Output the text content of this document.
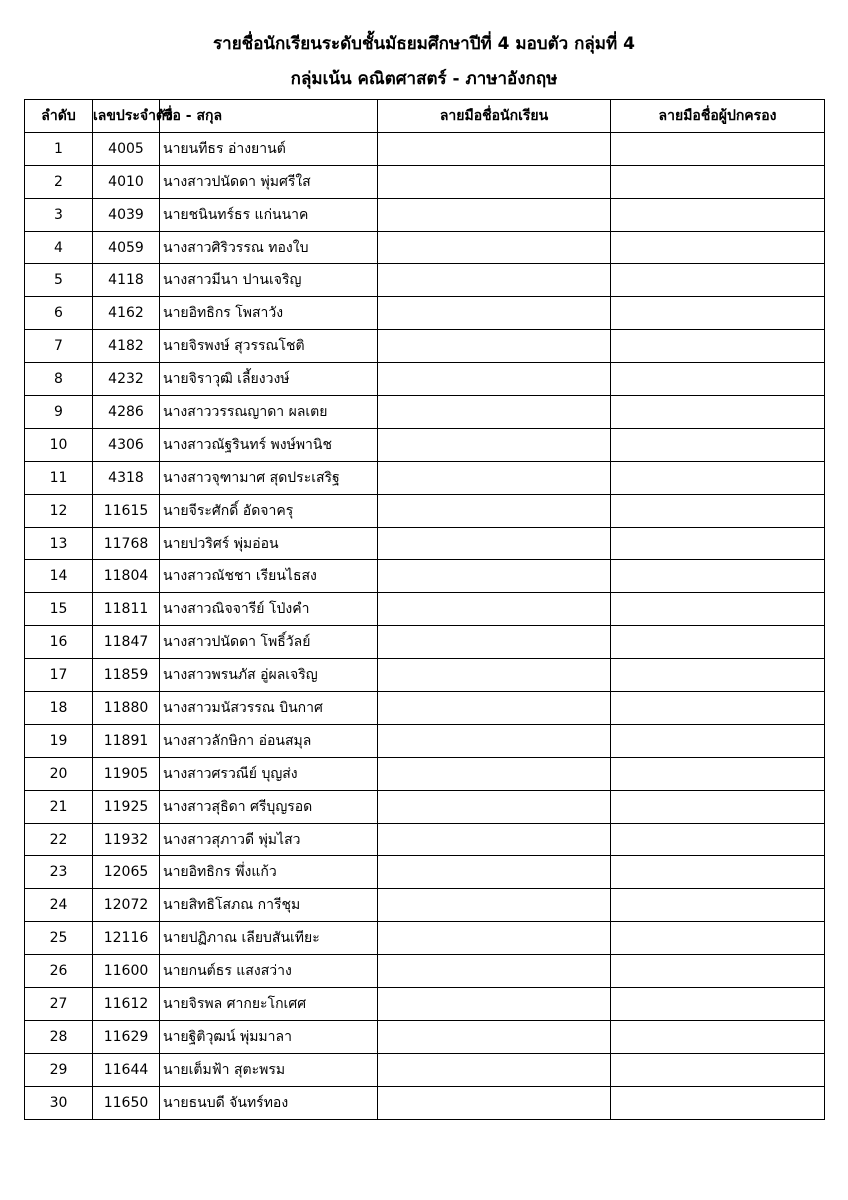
รายชื่อนักเรียนระดับชั้นมัธยมศึกษาปีที่ 4 มอบตัว กลุ่มที่ 4
กลุ่มเน้น คณิตศาสตร์ - ภาษาอังกฤษ
ลำดับ	เลขประจำตัว	ชื่อ - สกุล	ลายมือชื่อนักเรียน	ลายมือชื่อผู้ปกครอง
1	4005	นายนทีธร อ่างยานต์		
2	4010	นางสาวปนัดดา พุ่มศรีใส		
3	4039	นายชนินทร์ธร แก่นนาค		
4	4059	นางสาวศิริวรรณ ทองใบ		
5	4118	นางสาวมีนา ปานเจริญ		
6	4162	นายอิทธิกร โพสาวัง		
7	4182	นายจิรพงษ์ สุวรรณโชติ		
8	4232	นายจิราวุฒิ เลี้ยงวงษ์		
9	4286	นางสาววรรณญาดา ผลเตย		
10	4306	นางสาวณัฐรินทร์ พงษ์พานิช		
11	4318	นางสาวจุฑามาศ สุดประเสริฐ		
12	11615	นายจีระศักดิ์ อัดจาครุ		
13	11768	นายปวริศร์ พุ่มอ่อน		
14	11804	นางสาวณัชชา เรียนไธสง		
15	11811	นางสาวณิจจารีย์ โป่งคำ		
16	11847	นางสาวปนัดดา โพธิ์วัลย์		
17	11859	นางสาวพรนภัส อู่ผลเจริญ		
18	11880	นางสาวมนัสวรรณ บินกาศ		
19	11891	นางสาวลักษิกา อ่อนสมุล		
20	11905	นางสาวศรวณีย์ บุญส่ง		
21	11925	นางสาวสุธิดา ศรีบุญรอด		
22	11932	นางสาวสุภาวดี พุ่มไสว		
23	12065	นายอิทธิกร พึ่งแก้ว		
24	12072	นายสิทธิโสภณ การีชุม		
25	12116	นายปฏิภาณ เลียบสันเทียะ		
26	11600	นายกนต์ธร แสงสว่าง		
27	11612	นายจิรพล ศากยะโกเศศ		
28	11629	นายฐิติวุฒน์ พุ่มมาลา		
29	11644	นายเต็มฟ้า สุตะพรม		
30	11650	นายธนบดี จันทร์ทอง		
